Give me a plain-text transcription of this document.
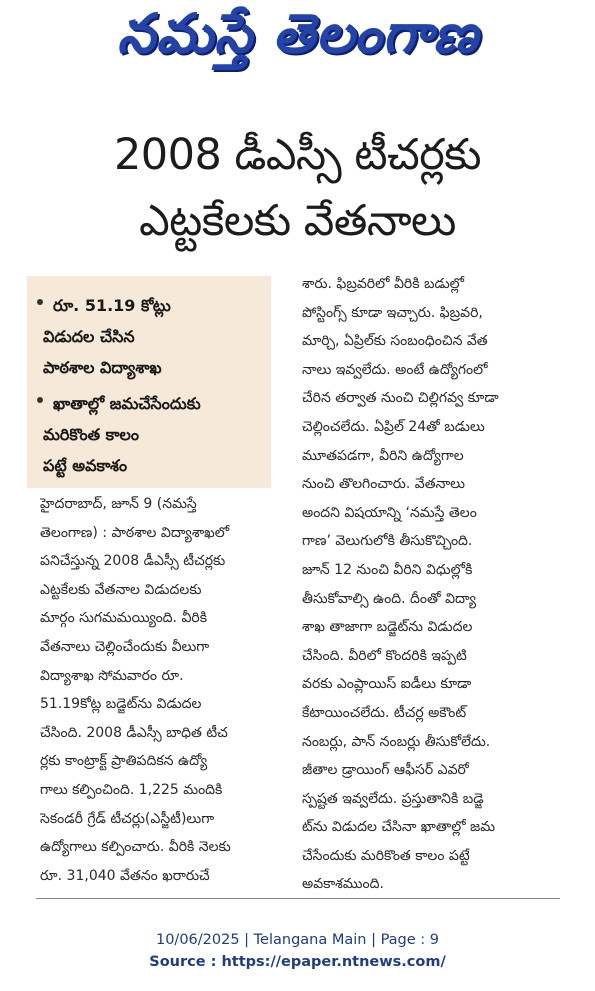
నమస్తే తెలంగాణ
2008 డీఎస్సీ టీచర్లకు
ఎట్టకేలకు వేతనాలు
రూ. 51.19 కోట్లు
విడుదల చేసిన
పాఠశాల విద్యాశాఖ
ఖాతాల్లో జమచేసేందుకు
మరికొంత కాలం
పట్టే అవకాశం
హైదరాబాద్, జూన్ 9 (నమస్తే
తెలంగాణ) : పాఠశాల విద్యాశాఖలో
పనిచేస్తున్న 2008 డీఎస్సీ టీచర్లకు
ఎట్టకేలకు వేతనాల విడుదలకు
మార్గం సుగమమయ్యింది. వీరికి
వేతనాలు చెల్లించేందుకు వీలుగా
విద్యాశాఖ సోమవారం రూ.
51.19కోట్ల బడ్జెట్‌ను విడుదల
చేసింది. 2008 డీఎస్సీ బాధిత టీచ
ర్లకు కాంట్రాక్ట్ ప్రాతిపదికన ఉద్యో
గాలు కల్పించింది. 1,225 మందికి
సెకండరీ గ్రేడ్ టీచర్లు(ఎస్జీటీ)లుగా
ఉద్యోగాలు కల్పించారు. వీరికి నెలకు
రూ. 31,040 వేతనం ఖరారుచే
శారు. ఫిబ్రవరిలో వీరికి బడుల్లో
పోస్టింగ్స్ కూడా ఇచ్చారు. ఫిబ్రవరి,
మార్చి, ఏప్రిల్‌కు సంబంధించిన వేత
నాలు ఇవ్వలేదు. అంటే ఉద్యోగంలో
చేరిన తర్వాత నుంచి చిల్లిగవ్వ కూడా
చెల్లించలేదు. ఏప్రిల్ 24తో బడులు
మూతపడగా, వీరిని ఉద్యోగాల
నుంచి తొలగించారు. వేతనాలు
అందని విషయాన్ని ‘నమస్తే తెలం
గాణ’ వెలుగులోకి తీసుకొచ్చింది.
జూన్ 12 నుంచి వీరిని విధుల్లోకి
తీసుకోవాల్సి ఉంది. దీంతో విద్యా
శాఖ తాజాగా బడ్జెట్‌ను విడుదల
చేసింది. వీరిలో కొందరికి ఇప్పటి
వరకు ఎంప్లాయిస్ ఐడీలు కూడా
కేటాయించలేదు. టీచర్ల అకౌంట్
నంబర్లు, పాన్ నంబర్లు తీసుకోలేదు.
జీతాల డ్రాయింగ్ ఆఫీసర్ ఎవరో
స్పష్టత ఇవ్వలేదు. ప్రస్తుతానికి బడ్జె
ట్‌ను విడుదల చేసినా ఖాతాల్లో జమ
చేసేందుకు మరికొంత కాలం పట్టే
అవకాశముంది.
10/06/2025 | Telangana Main | Page : 9
Source : https://epaper.ntnews.com/
